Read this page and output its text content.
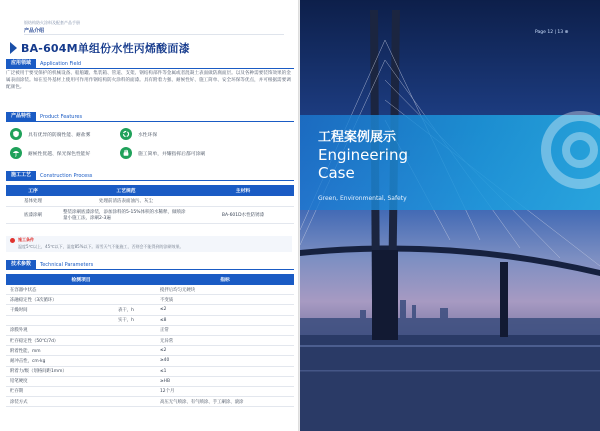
银结构防火涂料及配套产品手册
产品介绍
BA-604M单组份水性丙烯酸面漆
应用领域	Application Field
广泛被用于要受保护的机械设备、船舶罐、集装箱、管道、支架、钢结构部件等金属或者混凝土表面做防腐面层。以及各种需要装饰效果的金属表面涂装。如在室外基材上使用可作用作钢结构防火涂料的面漆。具有附着力强、耐候性好、施工简单、安全环保等优点，并可根据需要调配颜色。
产品特性	Product Features
具有优异的防腐性能、耐盐雾	水性环保
耐候性优越、保光保色性能好	施工简单，并耀指挥后都可涂刷
施工工艺	Construction Process
工序	工艺规范	主材料
基体处理	处理前清洁表面油污、灰尘	
底漆涂刷	整装涂刷底漆涂装，添加涂料的5-15%体积的水稀释，做喷涂量小施工法，涂刷2-3遍	BA-601D水性防锈漆
施工条件
温度5℃以上，45℃以下，湿度85%以下。雨雪天气不能施工，否则会不能得到的涂刷效果。
技术参数	Technical Parameters
检测项目		指标
在容器中状态		搅拌后均匀无硬块
冻融稳定性（3次循环）		不变质
干燥时间	表干，h	≤2
	实干，h	≤8
涂膜外观		正常
贮存稳定性（50℃/7d）		无异常
附着性能，mm		≤2
耐冲击性，cm·kg		≥40
附着力/级（划格间距1mm）		≤1
铅笔硬度		≥HB
贮存期		12个月
涂装方式		高压无气喷涂、有气喷涂、手工刷涂、滚涂
Page 12 | 13 ⊕
工程案例展示
Engineering
Case
Green, Environmental, Safety
